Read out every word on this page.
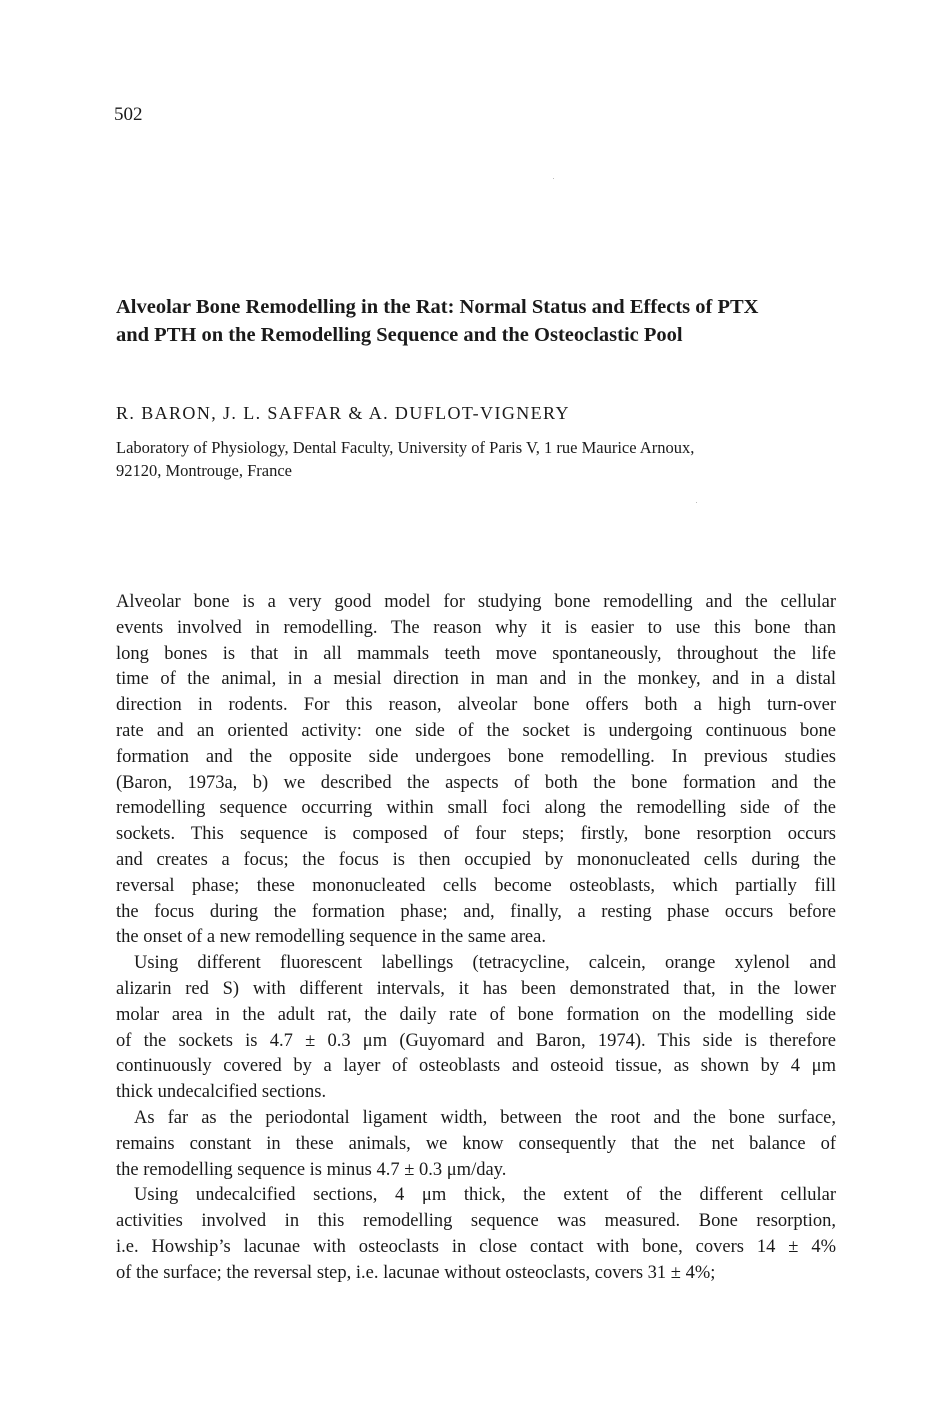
502

Alveolar Bone Remodelling in the Rat: Normal Status and Effects of PTX
and PTH on the Remodelling Sequence and the Osteoclastic Pool

R. BARON, J. L. SAFFAR & A. DUFLOT-VIGNERY

Laboratory of Physiology, Dental Faculty, University of Paris V, 1 rue Maurice Arnoux,
92120, Montrouge, France

Alveolar bone is a very good model for studying bone remodelling and the cellular
events involved in remodelling. The reason why it is easier to use this bone than
long bones is that in all mammals teeth move spontaneously, throughout the life
time of the animal, in a mesial direction in man and in the monkey, and in a distal
direction in rodents. For this reason, alveolar bone offers both a high turn-over
rate and an oriented activity: one side of the socket is undergoing continuous bone
formation and the opposite side undergoes bone remodelling. In previous studies
(Baron, 1973a, b) we described the aspects of both the bone formation and the
remodelling sequence occurring within small foci along the remodelling side of the
sockets. This sequence is composed of four steps; firstly, bone resorption occurs
and creates a focus; the focus is then occupied by mononucleated cells during the
reversal phase; these mononucleated cells become osteoblasts, which partially fill
the focus during the formation phase; and, finally, a resting phase occurs before
the onset of a new remodelling sequence in the same area.

Using different fluorescent labellings (tetracycline, calcein, orange xylenol and
alizarin red S) with different intervals, it has been demonstrated that, in the lower
molar area in the adult rat, the daily rate of bone formation on the modelling side
of the sockets is 4.7 ± 0.3 μm (Guyomard and Baron, 1974). This side is therefore
continuously covered by a layer of osteoblasts and osteoid tissue, as shown by 4 μm
thick undecalcified sections.

As far as the periodontal ligament width, between the root and the bone surface,
remains constant in these animals, we know consequently that the net balance of
the remodelling sequence is minus 4.7 ± 0.3 μm/day.

Using undecalcified sections, 4 μm thick, the extent of the different cellular
activities involved in this remodelling sequence was measured. Bone resorption,
i.e. Howship’s lacunae with osteoclasts in close contact with bone, covers 14 ± 4%
of the surface; the reversal step, i.e. lacunae without osteoclasts, covers 31 ± 4%;
